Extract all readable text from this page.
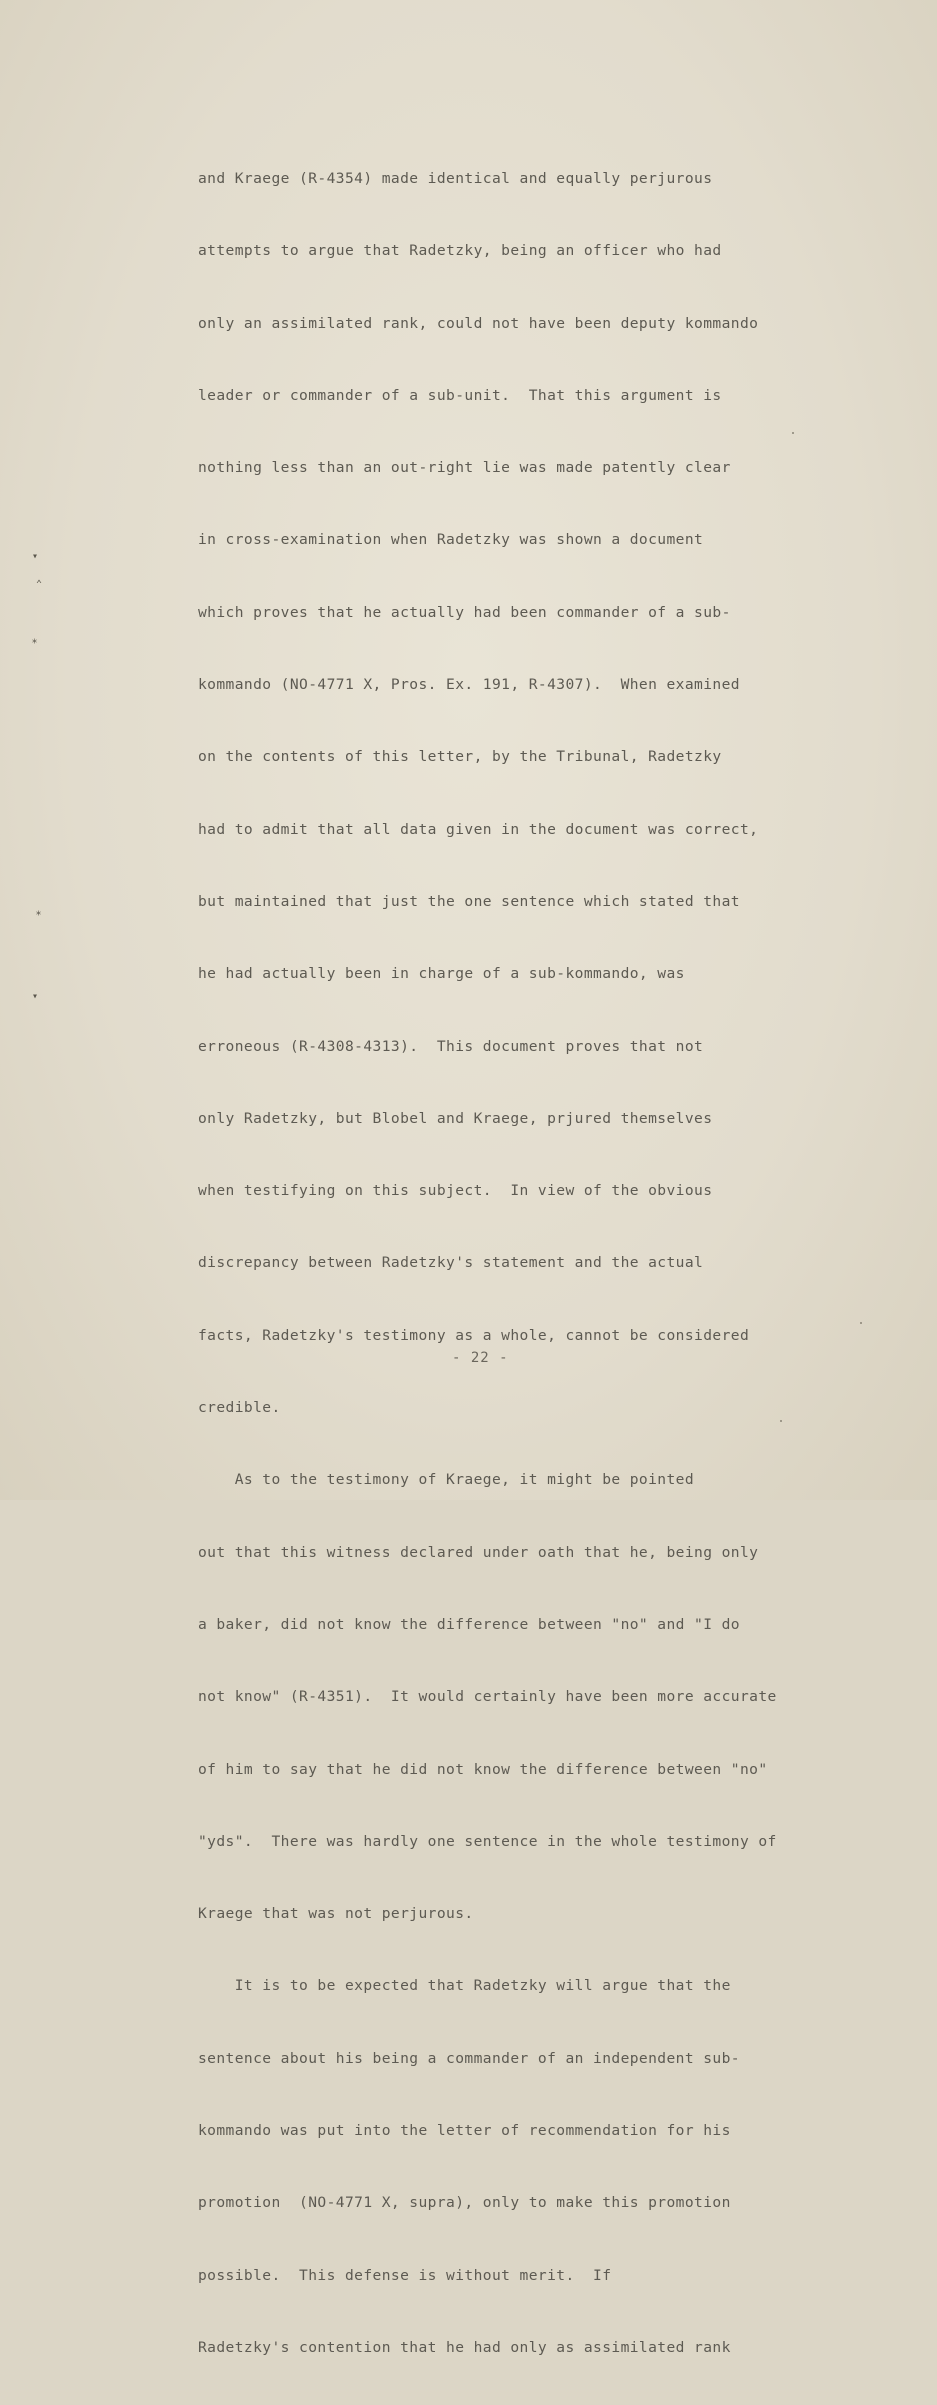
▾
⌃
⁎
⁎
▾

and Kraege (R-4354) made identical and equally perjurous

attempts to argue that Radetzky, being an officer who had

only an assimilated rank, could not have been deputy kommando

leader or commander of a sub-unit.  That this argument is

nothing less than an out-right lie was made patently clear

in cross-examination when Radetzky was shown a document

which proves that he actually had been commander of a sub-

kommando (NO-4771 X, Pros. Ex. 191, R-4307).  When examined

on the contents of this letter, by the Tribunal, Radetzky

had to admit that all data given in the document was correct,

but maintained that just the one sentence which stated that

he had actually been in charge of a sub-kommando, was

erroneous (R-4308-4313).  This document proves that not

only Radetzky, but Blobel and Kraege, prjured themselves

when testifying on this subject.  In view of the obvious

discrepancy between Radetzky's statement and the actual

facts, Radetzky's testimony as a whole, cannot be considered

credible.

As to the testimony of Kraege, it might be pointed

out that this witness declared under oath that he, being only

a baker, did not know the difference between "no" and "I do

not know" (R-4351).  It would certainly have been more accurate

of him to say that he did not know the difference between "no"

"yds".  There was hardly one sentence in the whole testimony of

Kraege that was not perjurous.

It is to be expected that Radetzky will argue that the

sentence about his being a commander of an independent sub-

kommando was put into the letter of recommendation for his

promotion  (NO-4771 X, supra), only to make this promotion

possible.  This defense is without merit.  If

Radetzky's contention that he had only as assimilated rank

- 22 -
